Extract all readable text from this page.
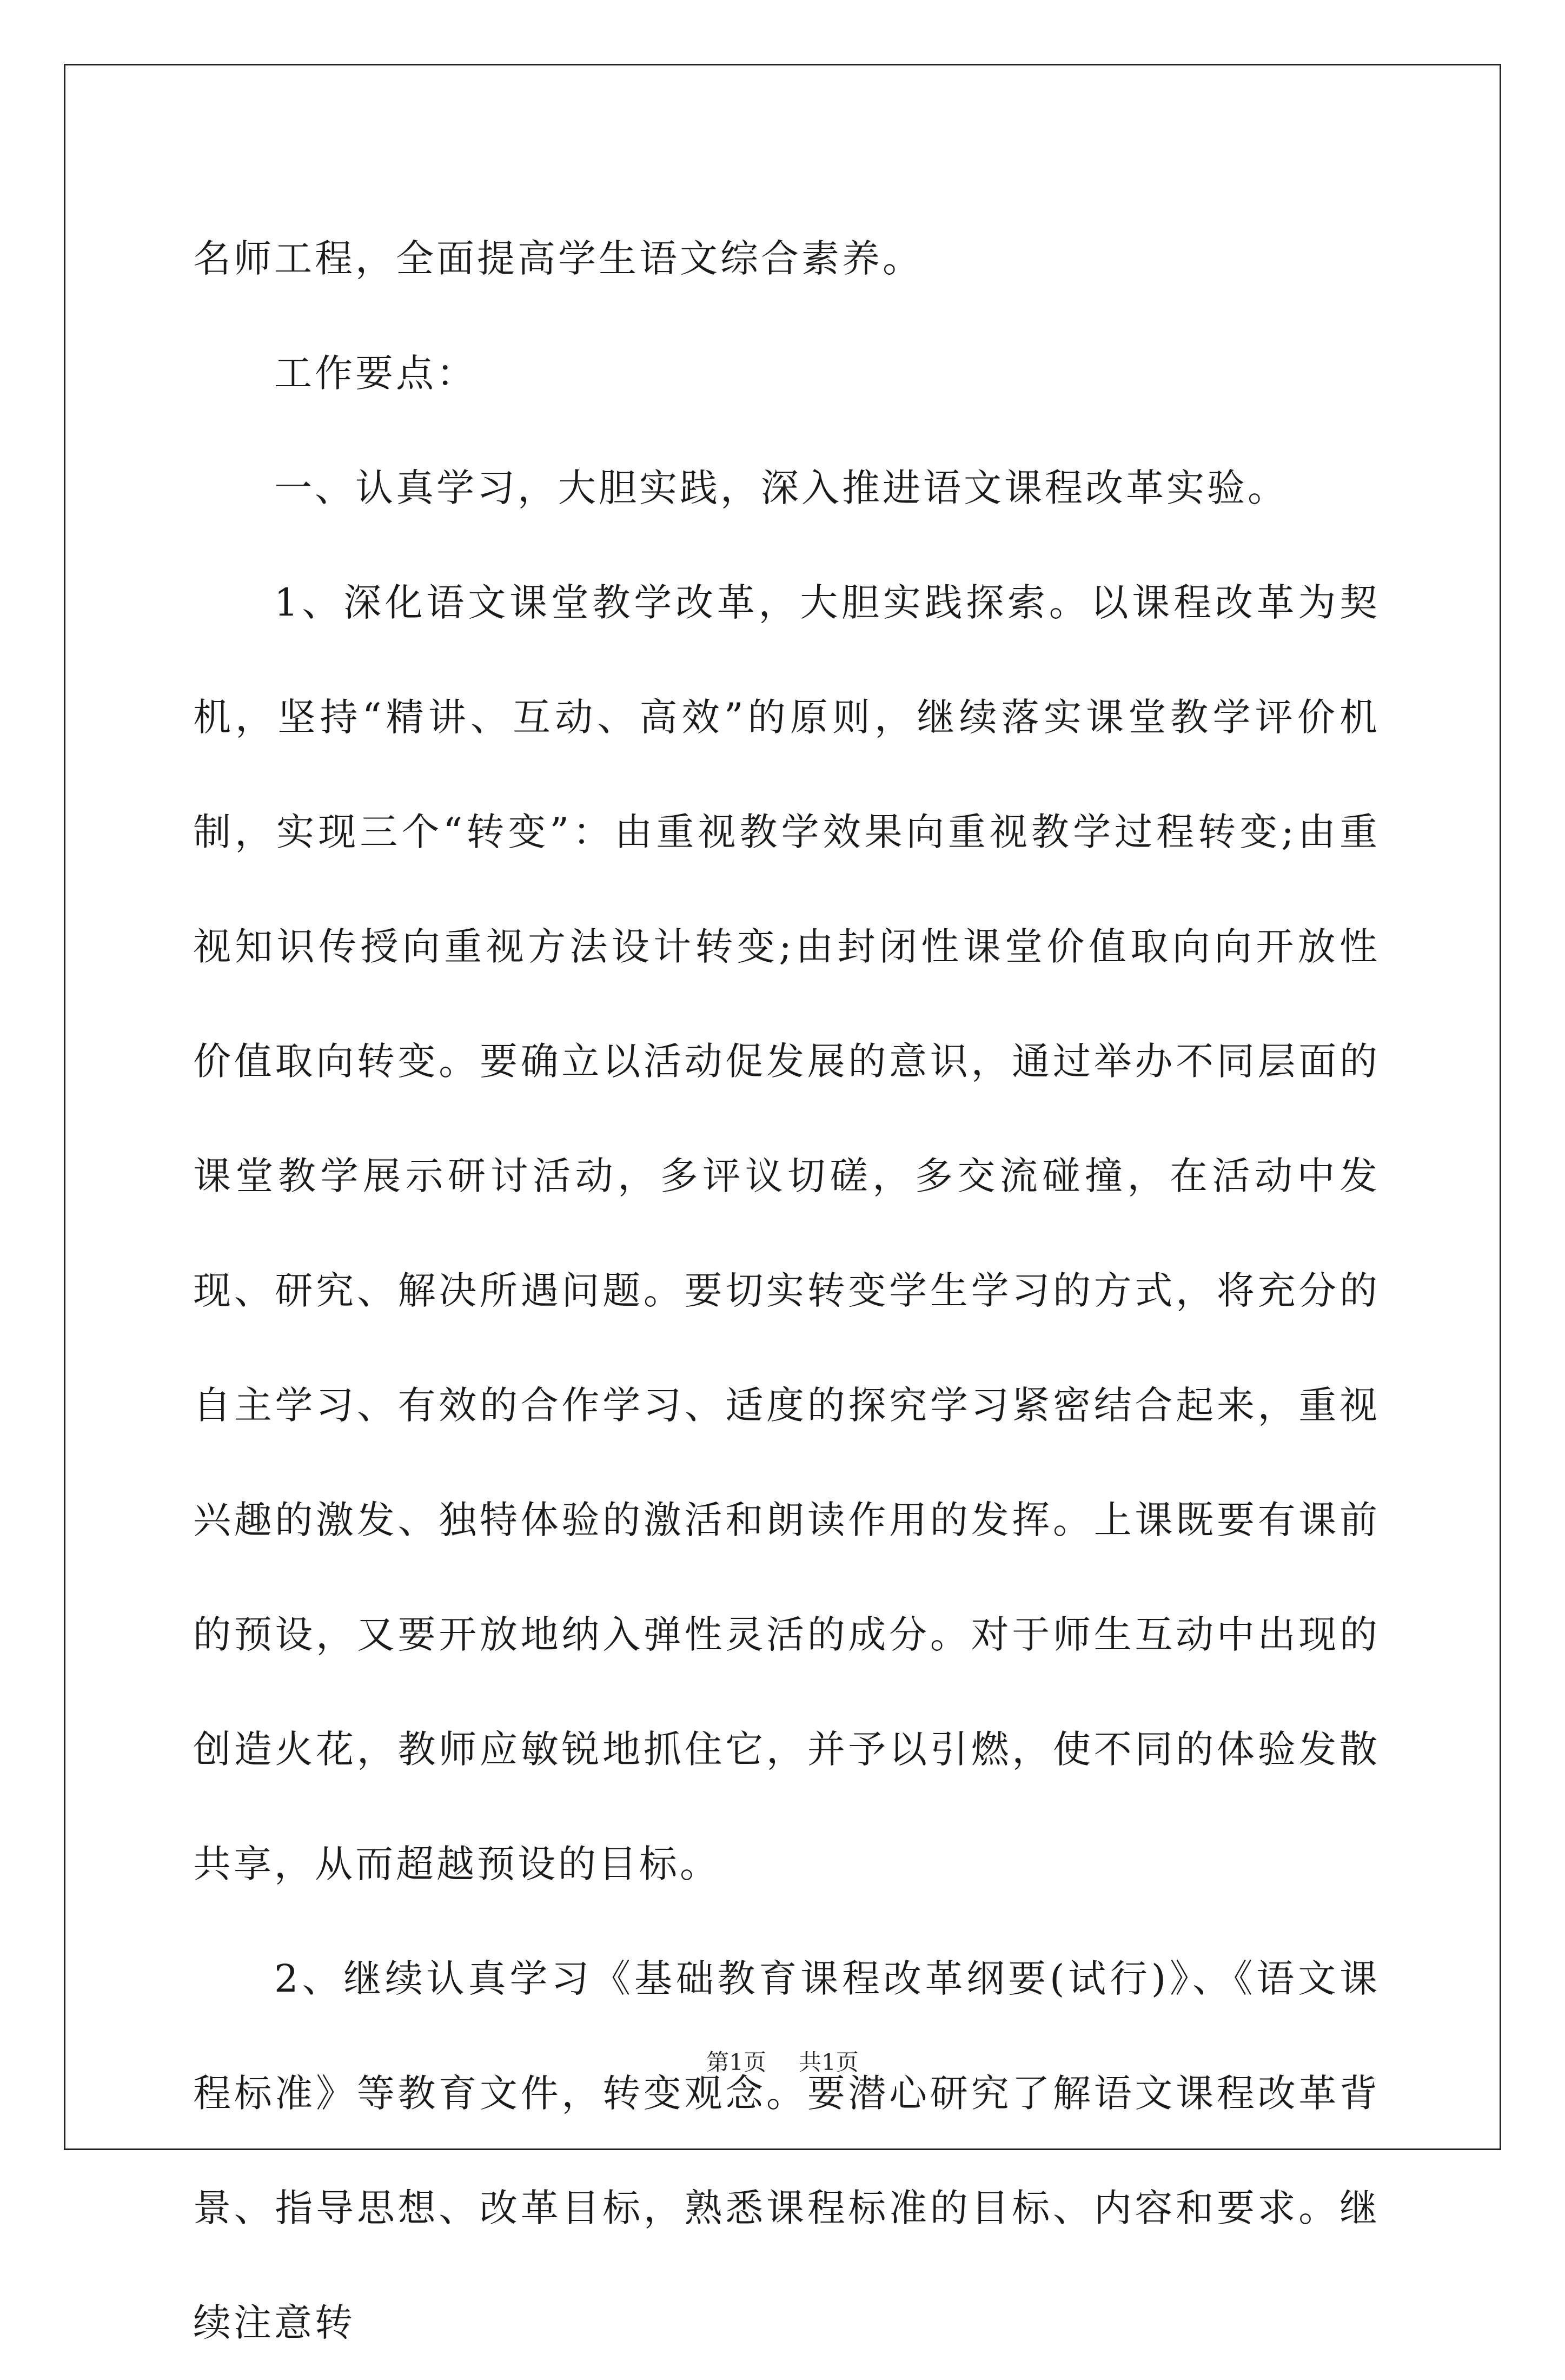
名师工程，全面提高学生语文综合素养。

工作要点：

一、认真学习，大胆实践，深入推进语文课程改革实验。

1、深化语文课堂教学改革，大胆实践探索。以课程改革为契机，坚持“精讲、互动、高效”的原则，继续落实课堂教学评价机制，实现三个“转变”：由重视教学效果向重视教学过程转变;由重视知识传授向重视方法设计转变;由封闭性课堂价值取向向开放性价值取向转变。要确立以活动促发展的意识，通过举办不同层面的课堂教学展示研讨活动，多评议切磋，多交流碰撞，在活动中发现、研究、解决所遇问题。要切实转变学生学习的方式，将充分的自主学习、有效的合作学习、适度的探究学习紧密结合起来，重视兴趣的激发、独特体验的激活和朗读作用的发挥。上课既要有课前的预设，又要开放地纳入弹性灵活的成分。对于师生互动中出现的创造火花，教师应敏锐地抓住它，并予以引燃，使不同的体验发散共享，从而超越预设的目标。

2、继续认真学习《基础教育课程改革纲要(试行)》、《语文课程标准》等教育文件，转变观念。要潜心研究了解语文课程改革背景、指导思想、改革目标，熟悉课程标准的目标、内容和要求。继续注意转

第1页 共1页
